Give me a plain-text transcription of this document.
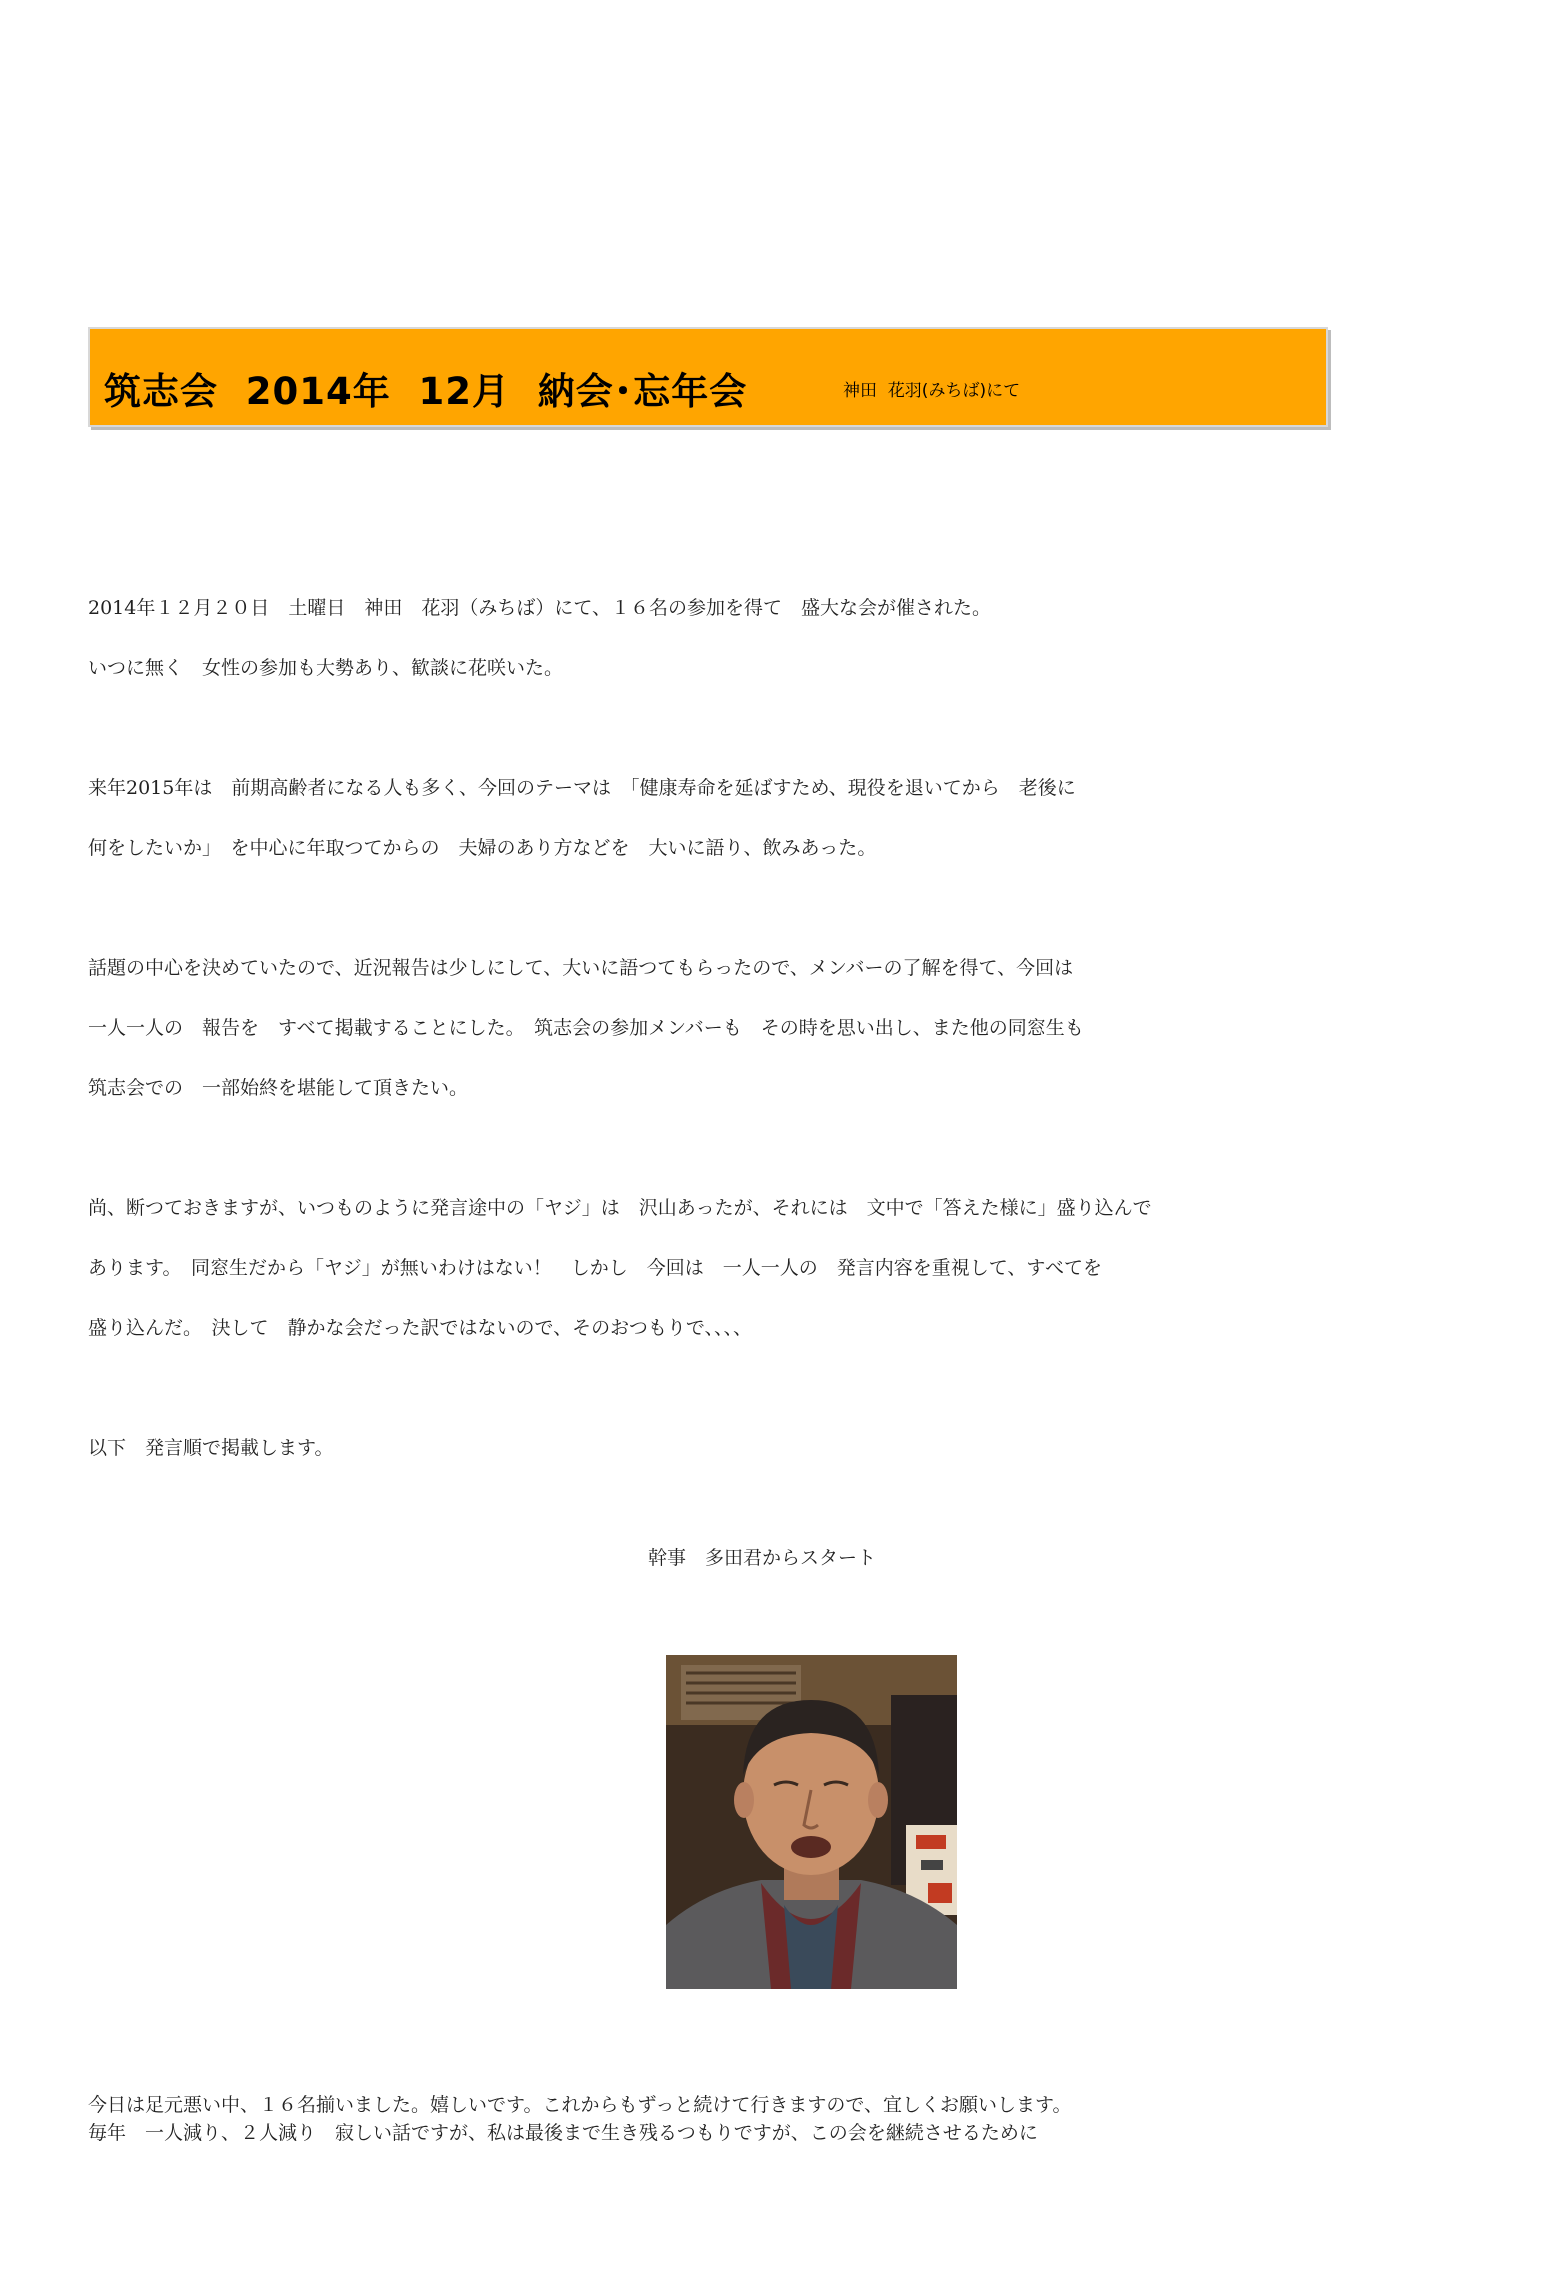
筑志会  2014年  12月  納会･忘年会	神田  花羽(みちば)にて
2014年１２月２０日　土曜日　神田　花羽（みちば）にて、１６名の参加を得て　盛大な会が催された。
いつに無く　女性の参加も大勢あり、歓談に花咲いた。
来年2015年は　前期高齢者になる人も多く、今回のテーマは　「健康寿命を延ばすため、現役を退いてから　老後に
何をしたいか」　を中心に年取つてからの　夫婦のあり方などを　大いに語り、飲みあった。
話題の中心を決めていたので、近況報告は少しにして、大いに語つてもらったので、メンバーの了解を得て、今回は
一人一人の　報告を　すべて掲載することにした。　筑志会の参加メンバーも　その時を思い出し、また他の同窓生も
筑志会での　一部始終を堪能して頂きたい。
尚、断つておきますが、いつものように発言途中の「ヤジ」は　沢山あったが、それには　文中で「答えた様に」盛り込んで
あります。　同窓生だから「ヤジ」が無いわけはない！　しかし　今回は　一人一人の　発言内容を重視して、すべてを
盛り込んだ。　決して　静かな会だった訳ではないので、そのおつもりで、、、、
以下　発言順で掲載します。
幹事　多田君からスタート
今日は足元悪い中、１６名揃いました。嬉しいです。これからもずっと続けて行きますので、宜しくお願いします。
毎年　一人減り、２人減り　寂しい話ですが、私は最後まで生き残るつもりですが、この会を継続させるために
